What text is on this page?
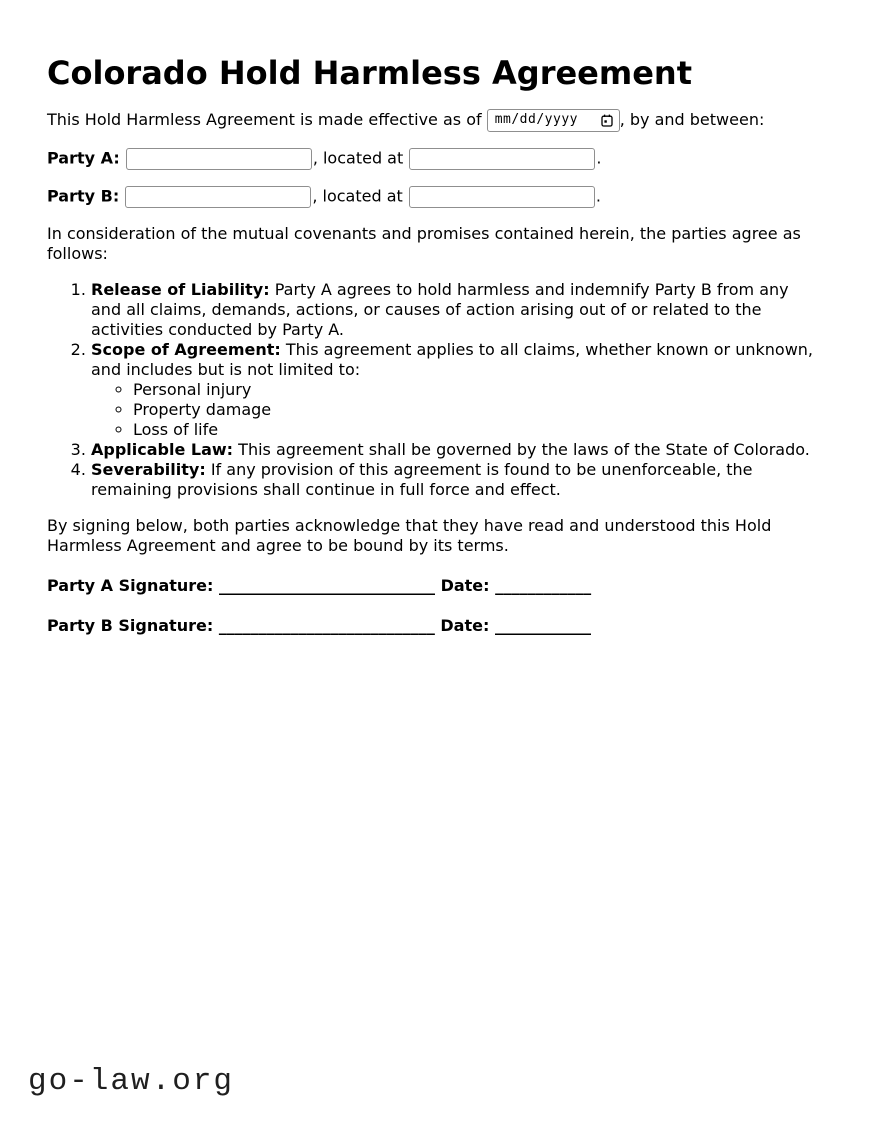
Colorado Hold Harmless Agreement

This Hold Harmless Agreement is made effective as of mm/dd/yyyy	, by and between:

Party A:	, located at	.

Party B:	, located at	.

In consideration of the mutual covenants and promises contained herein, the parties agree as follows:

1. Release of Liability: Party A agrees to hold harmless and indemnify Party B from any and all claims, demands, actions, or causes of action arising out of or related to the activities conducted by Party A.
2. Scope of Agreement: This agreement applies to all claims, whether known or unknown, and includes but is not limited to:
◦ Personal injury
◦ Property damage
◦ Loss of life
3. Applicable Law: This agreement shall be governed by the laws of the State of Colorado.
4. Severability: If any provision of this agreement is found to be unenforceable, the remaining provisions shall continue in full force and effect.

By signing below, both parties acknowledge that they have read and understood this Hold Harmless Agreement and agree to be bound by its terms.

Party A Signature: ___________________________ Date: ____________

Party B Signature: ___________________________ Date: ____________

go-law.org
